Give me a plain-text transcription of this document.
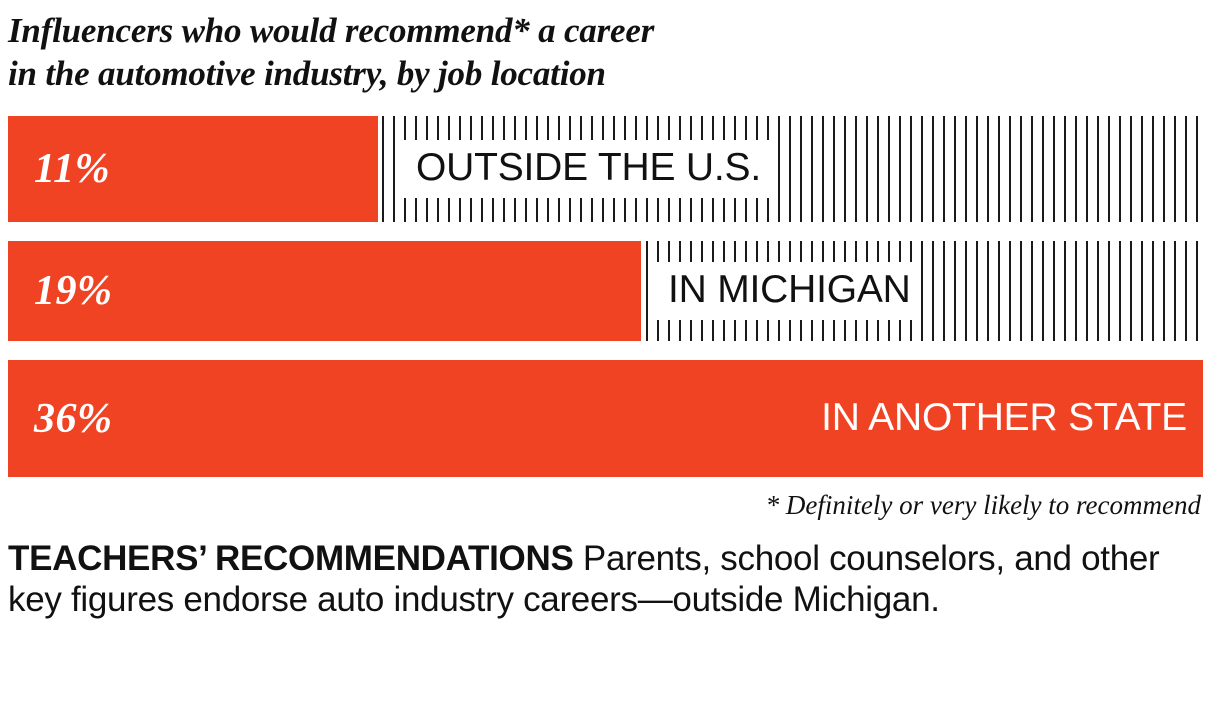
11%	OUTSIDE THE U.S.
19%	IN MICHIGAN
36%	IN ANOTHER STATE
Influencers who would recommend* a career
in the automotive industry, by job location
* Definitely or very likely to recommend
TEACHERS’ RECOMMENDATIONS Parents, school counselors, and other key figures endorse auto industry careers—outside Michigan.
